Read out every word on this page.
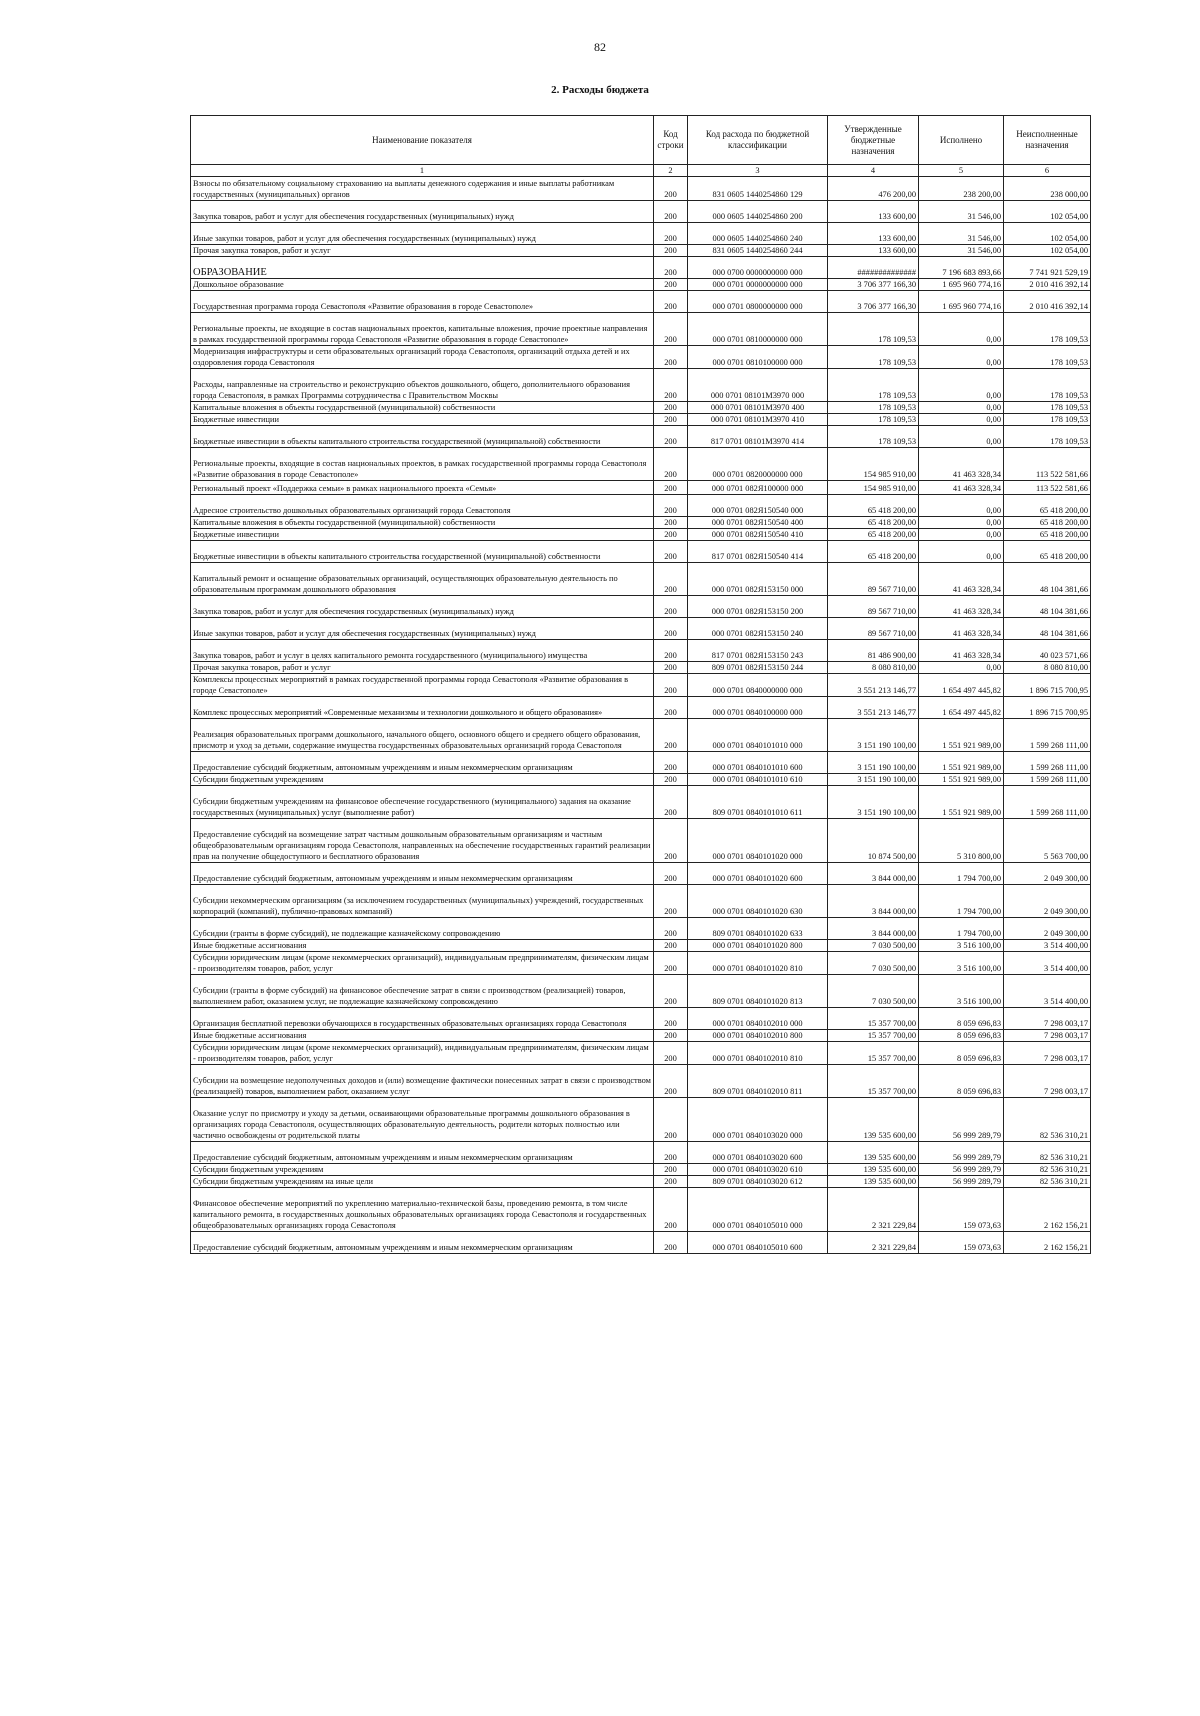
82
2. Расходы бюджета
Наименование показателя	Код строки	Код расхода по бюджетной классификации	Утвержденные бюджетные назначения	Исполнено	Неисполненные назначения
1	2	3	4	5	6
Взносы по обязательному социальному страхованию на выплаты денежного содержания и иные выплаты работникам государственных (муниципальных) органов	200	831 0605 1440254860 129	476 200,00	238 200,00	238 000,00
Закупка товаров, работ и услуг для обеспечения государственных (муниципальных) нужд	200	000 0605 1440254860 200	133 600,00	31 546,00	102 054,00
Иные закупки товаров, работ и услуг для обеспечения государственных (муниципальных) нужд	200	000 0605 1440254860 240	133 600,00	31 546,00	102 054,00
Прочая закупка товаров, работ и услуг	200	831 0605 1440254860 244	133 600,00	31 546,00	102 054,00
ОБРАЗОВАНИЕ	200	000 0700 0000000000 000	##############	7 196 683 893,66	7 741 921 529,19
Дошкольное образование	200	000 0701 0000000000 000	3 706 377 166,30	1 695 960 774,16	2 010 416 392,14
Государственная программа города Севастополя «Развитие образования в городе Севастополе»	200	000 0701 0800000000 000	3 706 377 166,30	1 695 960 774,16	2 010 416 392,14
Региональные проекты, не входящие в состав национальных проектов, капитальные вложения, прочие проектные направления в рамках государственной программы города Севастополя «Развитие образования в городе Севастополе»	200	000 0701 0810000000 000	178 109,53	0,00	178 109,53
Модернизация инфраструктуры и сети образовательных организаций города Севастополя, организаций отдыха детей и их оздоровления города Севастополя	200	000 0701 0810100000 000	178 109,53	0,00	178 109,53
Расходы, направленные на строительство и реконструкцию объектов дошкольного, общего, дополнительного образования города Севастополя, в рамках Программы сотрудничества с Правительством Москвы	200	000 0701 08101M3970 000	178 109,53	0,00	178 109,53
Капитальные вложения в объекты государственной (муниципальной) собственности	200	000 0701 08101M3970 400	178 109,53	0,00	178 109,53
Бюджетные инвестиции	200	000 0701 08101M3970 410	178 109,53	0,00	178 109,53
Бюджетные инвестиции в объекты капитального строительства государственной (муниципальной) собственности	200	817 0701 08101M3970 414	178 109,53	0,00	178 109,53
Региональные проекты, входящие в состав национальных проектов, в рамках государственной программы города Севастополя «Развитие образования в городе Севастополе»	200	000 0701 0820000000 000	154 985 910,00	41 463 328,34	113 522 581,66
Региональный проект «Поддержка семьи» в рамках национального проекта «Семья»	200	000 0701 082Я100000 000	154 985 910,00	41 463 328,34	113 522 581,66
Адресное строительство дошкольных образовательных организаций города Севастополя	200	000 0701 082Я150540 000	65 418 200,00	0,00	65 418 200,00
Капитальные вложения в объекты государственной (муниципальной) собственности	200	000 0701 082Я150540 400	65 418 200,00	0,00	65 418 200,00
Бюджетные инвестиции	200	000 0701 082Я150540 410	65 418 200,00	0,00	65 418 200,00
Бюджетные инвестиции в объекты капитального строительства государственной (муниципальной) собственности	200	817 0701 082Я150540 414	65 418 200,00	0,00	65 418 200,00
Капитальный ремонт и оснащение образовательных организаций, осуществляющих образовательную деятельность по образовательным программам дошкольного образования	200	000 0701 082Я153150 000	89 567 710,00	41 463 328,34	48 104 381,66
Закупка товаров, работ и услуг для обеспечения государственных (муниципальных) нужд	200	000 0701 082Я153150 200	89 567 710,00	41 463 328,34	48 104 381,66
Иные закупки товаров, работ и услуг для обеспечения государственных (муниципальных) нужд	200	000 0701 082Я153150 240	89 567 710,00	41 463 328,34	48 104 381,66
Закупка товаров, работ и услуг в целях капитального ремонта государственного (муниципального) имущества	200	817 0701 082Я153150 243	81 486 900,00	41 463 328,34	40 023 571,66
Прочая закупка товаров, работ и услуг	200	809 0701 082Я153150 244	8 080 810,00	0,00	8 080 810,00
Комплексы процессных мероприятий в рамках государственной программы города Севастополя «Развитие образования в городе Севастополе»	200	000 0701 0840000000 000	3 551 213 146,77	1 654 497 445,82	1 896 715 700,95
Комплекс процессных мероприятий «Современные механизмы и технологии дошкольного и общего образования»	200	000 0701 0840100000 000	3 551 213 146,77	1 654 497 445,82	1 896 715 700,95
Реализация образовательных программ дошкольного, начального общего, основного общего и среднего общего образования, присмотр и уход за детьми, содержание имущества государственных образовательных организаций города Севастополя	200	000 0701 0840101010 000	3 151 190 100,00	1 551 921 989,00	1 599 268 111,00
Предоставление субсидий бюджетным, автономным учреждениям и иным некоммерческим организациям	200	000 0701 0840101010 600	3 151 190 100,00	1 551 921 989,00	1 599 268 111,00
Субсидии бюджетным учреждениям	200	000 0701 0840101010 610	3 151 190 100,00	1 551 921 989,00	1 599 268 111,00
Субсидии бюджетным учреждениям на финансовое обеспечение государственного (муниципального) задания на оказание государственных (муниципальных) услуг (выполнение работ)	200	809 0701 0840101010 611	3 151 190 100,00	1 551 921 989,00	1 599 268 111,00
Предоставление субсидий на возмещение затрат частным дошкольным образовательным организациям и частным общеобразовательным организациям города Севастополя, направленных на обеспечение государственных гарантий реализации прав на получение общедоступного и бесплатного образования	200	000 0701 0840101020 000	10 874 500,00	5 310 800,00	5 563 700,00
Предоставление субсидий бюджетным, автономным учреждениям и иным некоммерческим организациям	200	000 0701 0840101020 600	3 844 000,00	1 794 700,00	2 049 300,00
Субсидии некоммерческим организациям (за исключением государственных (муниципальных) учреждений, государственных корпораций (компаний), публично-правовых компаний)	200	000 0701 0840101020 630	3 844 000,00	1 794 700,00	2 049 300,00
Субсидии (гранты в форме субсидий), не подлежащие казначейскому сопровождению	200	809 0701 0840101020 633	3 844 000,00	1 794 700,00	2 049 300,00
Иные бюджетные ассигнования	200	000 0701 0840101020 800	7 030 500,00	3 516 100,00	3 514 400,00
Субсидии юридическим лицам (кроме некоммерческих организаций), индивидуальным предпринимателям, физическим лицам - производителям товаров, работ, услуг	200	000 0701 0840101020 810	7 030 500,00	3 516 100,00	3 514 400,00
Субсидии (гранты в форме субсидий) на финансовое обеспечение затрат в связи с производством (реализацией) товаров, выполнением работ, оказанием услуг, не подлежащие казначейскому сопровождению	200	809 0701 0840101020 813	7 030 500,00	3 516 100,00	3 514 400,00
Организация бесплатной перевозки обучающихся в государственных образовательных организациях города Севастополя	200	000 0701 0840102010 000	15 357 700,00	8 059 696,83	7 298 003,17
Иные бюджетные ассигнования	200	000 0701 0840102010 800	15 357 700,00	8 059 696,83	7 298 003,17
Субсидии юридическим лицам (кроме некоммерческих организаций), индивидуальным предпринимателям, физическим лицам - производителям товаров, работ, услуг	200	000 0701 0840102010 810	15 357 700,00	8 059 696,83	7 298 003,17
Субсидии на возмещение недополученных доходов и (или) возмещение фактически понесенных затрат в связи с производством (реализацией) товаров, выполнением работ, оказанием услуг	200	809 0701 0840102010 811	15 357 700,00	8 059 696,83	7 298 003,17
Оказание услуг по присмотру и уходу за детьми, осваивающими образовательные программы дошкольного образования в организациях города Севастополя, осуществляющих образовательную деятельность, родители которых полностью или частично освобождены от родительской платы	200	000 0701 0840103020 000	139 535 600,00	56 999 289,79	82 536 310,21
Предоставление субсидий бюджетным, автономным учреждениям и иным некоммерческим организациям	200	000 0701 0840103020 600	139 535 600,00	56 999 289,79	82 536 310,21
Субсидии бюджетным учреждениям	200	000 0701 0840103020 610	139 535 600,00	56 999 289,79	82 536 310,21
Субсидии бюджетным учреждениям на иные цели	200	809 0701 0840103020 612	139 535 600,00	56 999 289,79	82 536 310,21
Финансовое обеспечение мероприятий по укреплению материально-технической базы, проведению ремонта, в том числе капитального ремонта, в государственных дошкольных образовательных организациях города Севастополя и государственных общеобразовательных организациях города Севастополя	200	000 0701 0840105010 000	2 321 229,84	159 073,63	2 162 156,21
Предоставление субсидий бюджетным, автономным учреждениям и иным некоммерческим организациям	200	000 0701 0840105010 600	2 321 229,84	159 073,63	2 162 156,21
